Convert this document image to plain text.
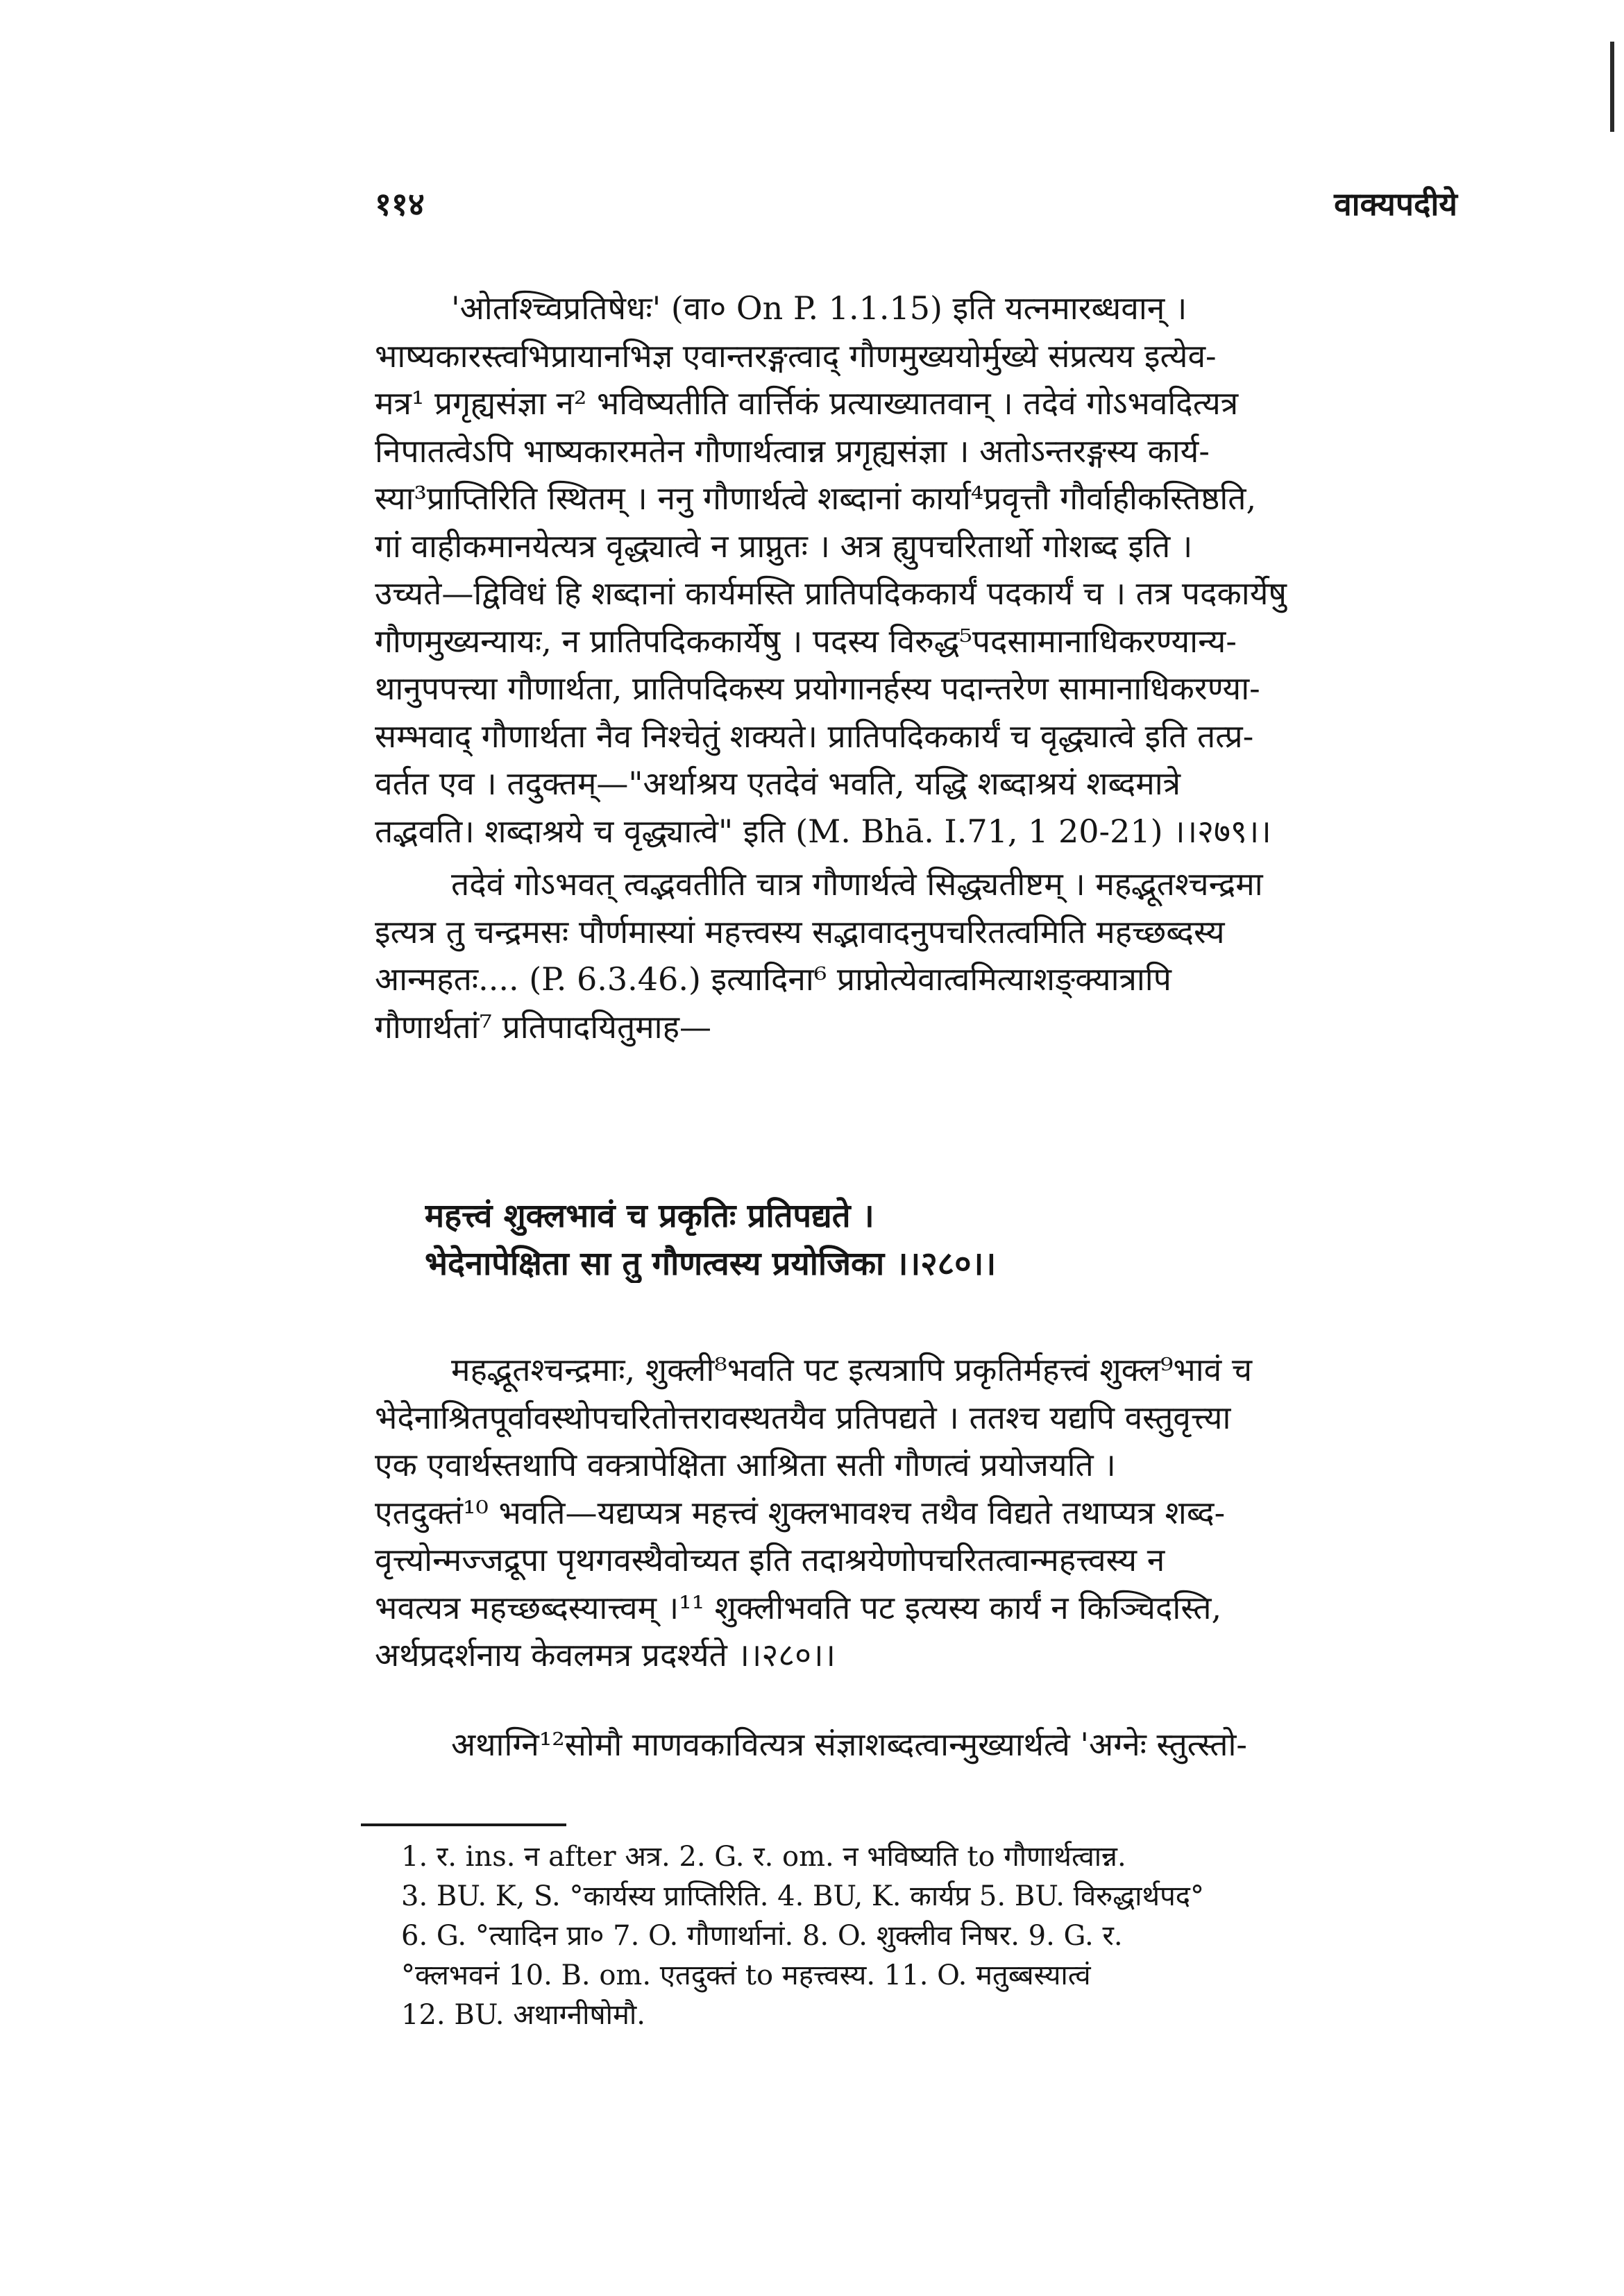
११४	वाक्यपदीये
'ओतश्च्विप्रतिषेधः' (वा० On P. 1.1.15) इति यत्नमारब्धवान् ।
भाष्यकारस्त्वभिप्रायानभिज्ञ एवान्तरङ्गत्वाद् गौणमुख्ययोर्मुख्ये संप्रत्यय इत्येव-
मत्र¹ प्रगृह्यसंज्ञा न² भविष्यतीति वार्त्तिकं प्रत्याख्यातवान् । तदेवं गोऽभवदित्यत्र
निपातत्वेऽपि भाष्यकारमतेन गौणार्थत्वान्न प्रगृह्यसंज्ञा । अतोऽन्तरङ्गस्य कार्य-
स्या³प्राप्तिरिति स्थितम् । ननु गौणार्थत्वे शब्दानां कार्या⁴प्रवृत्तौ गौर्वाहीकस्तिष्ठति,
गां वाहीकमानयेत्यत्र वृद्ध्यात्वे न प्राप्नुतः । अत्र ह्युपचरितार्थो गोशब्द इति ।
उच्यते—द्विविधं हि शब्दानां कार्यमस्ति प्रातिपदिककार्यं पदकार्यं च । तत्र पदकार्येषु
गौणमुख्यन्यायः, न प्रातिपदिककार्येषु । पदस्य विरुद्ध⁵पदसामानाधिकरण्यान्य-
थानुपपत्त्या गौणार्थता, प्रातिपदिकस्य प्रयोगानर्हस्य पदान्तरेण सामानाधिकरण्या-
सम्भवाद् गौणार्थता नैव निश्चेतुं शक्यते। प्रातिपदिककार्यं च वृद्ध्यात्वे इति तत्प्र-
वर्तत एव । तदुक्तम्—"अर्थाश्रय एतदेवं भवति, यद्धि शब्दाश्रयं शब्दमात्रे
तद्भवति। शब्दाश्रये च वृद्ध्यात्वे" इति (M. Bhā. I.71, 1 20-21) ।।२७९।।
तदेवं गोऽभवत् त्वद्भवतीति चात्र गौणार्थत्वे सिद्ध्यतीष्टम् । महद्भूतश्चन्द्रमा
इत्यत्र तु चन्द्रमसः पौर्णमास्यां महत्त्वस्य सद्भावादनुपचरितत्वमिति महच्छब्दस्य
आन्महतः.... (P. 6.3.46.) इत्यादिना⁶ प्राप्नोत्येवात्वमित्याशङ्क्यात्रापि
गौणार्थतां⁷ प्रतिपादयितुमाह—
महत्त्वं शुक्लभावं च प्रकृतिः प्रतिपद्यते ।
भेदेनापेक्षिता सा तु गौणत्वस्य प्रयोजिका ।।२८०।।
महद्भूतश्चन्द्रमाः, शुक्ली⁸भवति पट इत्यत्रापि प्रकृतिर्महत्त्वं शुक्ल⁹भावं च
भेदेनाश्रितपूर्वावस्थोपचरितोत्तरावस्थतयैव प्रतिपद्यते । ततश्च यद्यपि वस्तुवृत्त्या
एक एवार्थस्तथापि वक्त्रापेक्षिता आश्रिता सती गौणत्वं प्रयोजयति ।
एतदुक्तं¹⁰ भवति—यद्यप्यत्र महत्त्वं शुक्लभावश्च तथैव विद्यते तथाप्यत्र शब्द-
वृत्त्योन्मज्जद्रूपा पृथगवस्थैवोच्यत इति तदाश्रयेणोपचरितत्वान्महत्त्वस्य न
भवत्यत्र महच्छब्दस्यात्त्वम् ।¹¹ शुक्लीभवति पट इत्यस्य कार्यं न किञ्चिदस्ति,
अर्थप्रदर्शनाय केवलमत्र प्रदर्श्यते ।।२८०।।
अथाग्नि¹²सोमौ माणवकावित्यत्र संज्ञाशब्दत्वान्मुख्यार्थत्वे 'अग्नेः स्तुत्स्तो-
1. र. ins. न after अत्र. 2. G. र. om. न भविष्यति to गौणार्थत्वान्न.
3. BU. K, S. °कार्यस्य प्राप्तिरिति. 4. BU, K. कार्यप्र 5. BU. विरुद्धार्थपद°
6. G. °त्यादिन प्रा० 7. O. गौणार्थानां. 8. O. शुक्लीव निषर. 9. G. र.
°क्लभवनं 10. B. om. एतदुक्तं to महत्त्वस्य. 11. O. मतुब्बस्यात्वं
12. BU. अथाग्नीषोमौ.
